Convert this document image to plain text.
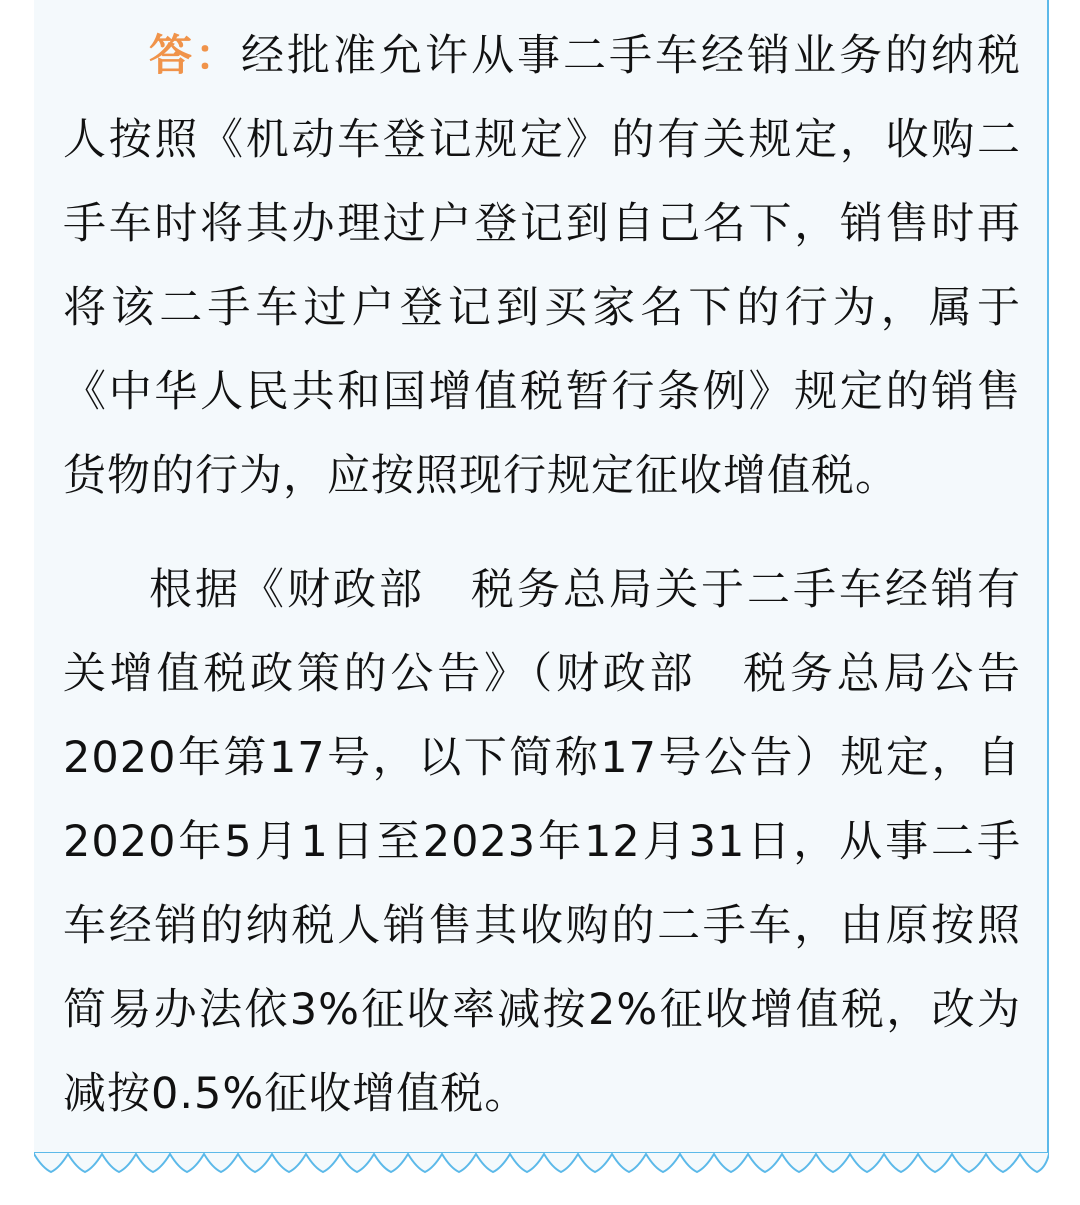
答：经批准允许从事二手车经销业务的纳税人按照《机动车登记规定》的有关规定，收购二手车时将其办理过户登记到自己名下，销售时再将该二手车过户登记到买家名下的行为，属于《中华人民共和国增值税暂行条例》规定的销售货物的行为，应按照现行规定征收增值税。

根据《财政部　税务总局关于二手车经销有关增值税政策的公告》（财政部　税务总局公告2020年第17号，以下简称17号公告）规定，自2020年5月1日至2023年12月31日，从事二手车经销的纳税人销售其收购的二手车，由原按照简易办法依3%征收率减按2%征收增值税，改为减按0.5%征收增值税。
